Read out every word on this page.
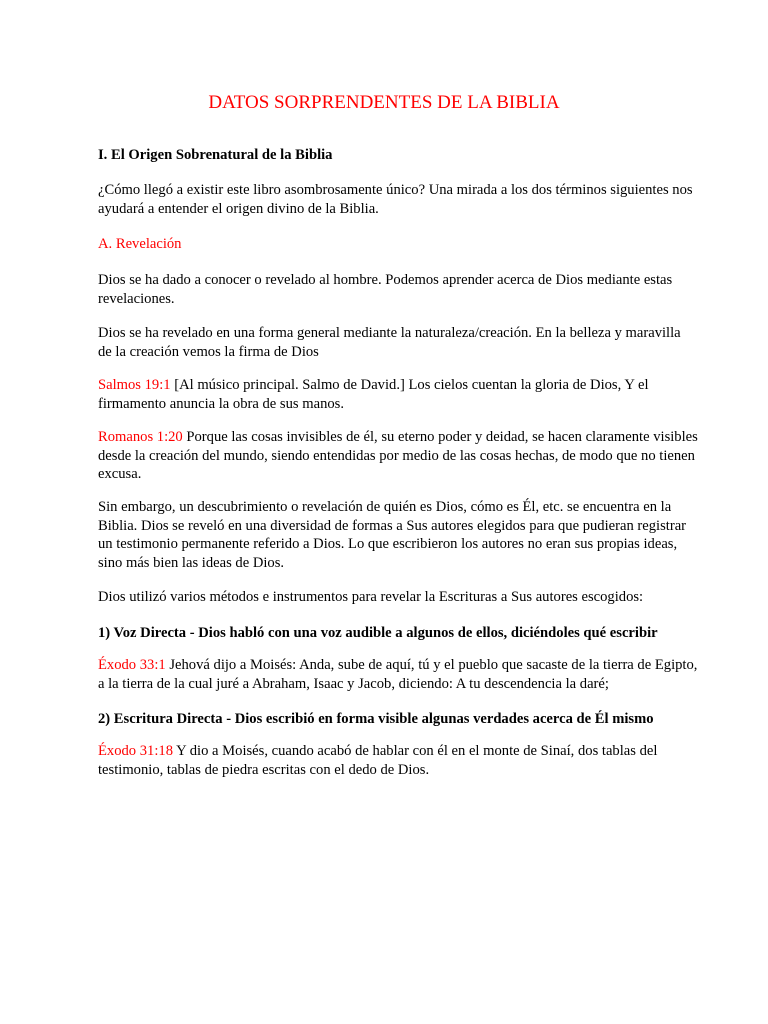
DATOS SORPRENDENTES DE LA BIBLIA

I. El Origen Sobrenatural de la Biblia

¿Cómo llegó a existir este libro asombrosamente único? Una mirada a los dos términos siguientes nos ayudará a entender el origen divino de la Biblia.

A. Revelación

Dios se ha dado a conocer o revelado al hombre. Podemos aprender acerca de Dios mediante estas revelaciones.

Dios se ha revelado en una forma general mediante la naturaleza/creación. En la belleza y maravilla de la creación vemos la firma de Dios

Salmos 19:1 [Al músico principal. Salmo de David.] Los cielos cuentan la gloria de Dios, Y el firmamento anuncia la obra de sus manos.

Romanos 1:20 Porque las cosas invisibles de él, su eterno poder y deidad, se hacen claramente visibles desde la creación del mundo, siendo entendidas por medio de las cosas hechas, de modo que no tienen excusa.

Sin embargo, un descubrimiento o revelación de quién es Dios, cómo es Él, etc. se encuentra en la Biblia. Dios se reveló en una diversidad de formas a Sus autores elegidos para que pudieran registrar un testimonio permanente referido a Dios. Lo que escribieron los autores no eran sus propias ideas, sino más bien las ideas de Dios.

Dios utilizó varios métodos e instrumentos para revelar la Escrituras a Sus autores escogidos:

1) Voz Directa - Dios habló con una voz audible a algunos de ellos, diciéndoles qué escribir

Éxodo 33:1 Jehová dijo a Moisés: Anda, sube de aquí, tú y el pueblo que sacaste de la tierra de Egipto, a la tierra de la cual juré a Abraham, Isaac y Jacob, diciendo: A tu descendencia la daré;

2) Escritura Directa - Dios escribió en forma visible algunas verdades acerca de Él mismo

Éxodo 31:18 Y dio a Moisés, cuando acabó de hablar con él en el monte de Sinaí, dos tablas del testimonio, tablas de piedra escritas con el dedo de Dios.
